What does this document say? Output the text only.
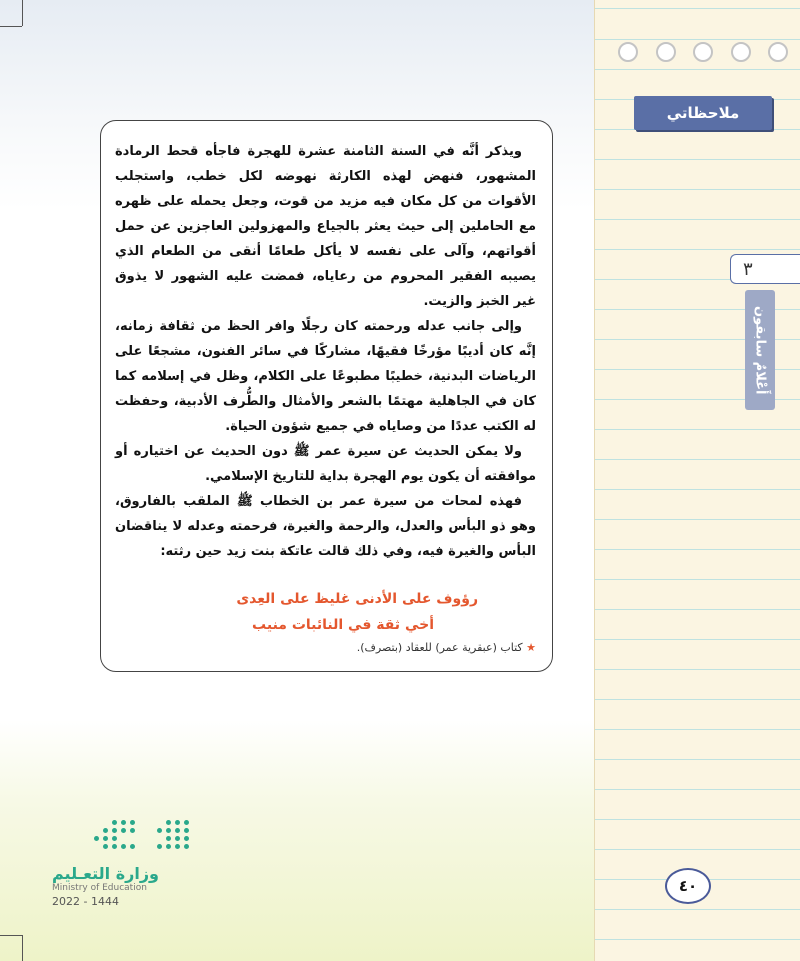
ملاحظاتي
٣
أَعْلامٌ سابقون

ويذكر أنَّه في السنة الثامنة عشرة للهجرة فاجأه قحط الرمادة المشهور، فنهض لهذه الكارثة نهوضه لكل خطب، واستجلب الأقوات من كل مكان فيه مزيد من قوت، وجعل يحمله على ظهره مع الحاملين إلى حيث يعثر بالجياع والمهزولين العاجزين عن حمل أقواتهم، وآلى على نفسه لا يأكل طعامًا أنقى من الطعام الذي يصيبه الفقير المحروم من رعاياه، فمضت عليه الشهور لا يذوق غير الخبز والزيت.

وإلى جانب عدله ورحمته كان رجلًا وافر الحظ من ثقافة زمانه، إنَّه كان أديبًا مؤرخًا فقيهًا، مشاركًا في سائر الفنون، مشجعًا على الرياضات البدنية، خطيبًا مطبوعًا على الكلام، وظل في إسلامه كما كان في الجاهلية مهتمًا بالشعر والأمثال والطُّرف الأدبية، وحفظت له الكتب عددًا من وصاياه في جميع شؤون الحياة.

ولا يمكن الحديث عن سيرة عمر ﷺ دون الحديث عن اختياره أو موافقته أن يكون يوم الهجرة بداية للتاريخ الإسلامي.

فهذه لمحات من سيرة عمر بن الخطاب ﷺ الملقب بالفاروق، وهو ذو البأس والعدل، والرحمة والغيرة، فرحمته وعدله لا يناقضان البأس والغيرة فيه، وفي ذلك قالت عاتكة بنت زيد حين رثته:

رؤوف على الأدنى غليظ على العِدى
أخي ثقة في النائبات منيب
★ كتاب (عبقرية عمر) للعقاد (بتصرف).
وزارة التعـليم
Ministry of Education
2022 - 1444
٤٠
